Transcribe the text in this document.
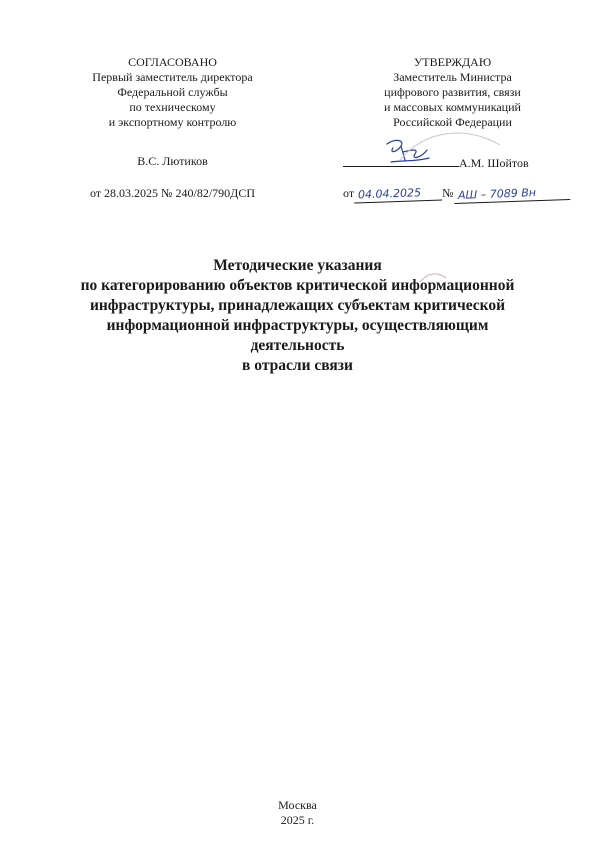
СОГЛАСОВАНО
Первый заместитель директора
Федеральной службы
по техническому
и экспортному контролю
В.С. Лютиков
от 28.03.2025 № 240/82/790ДСП
УТВЕРЖДАЮ
Заместитель Министра
цифрового развития, связи
и массовых коммуникаций
Российской Федерации
А.М. Шойтов
от 04.04.2025 № АШ – 7089 Вн
Методические указания
по категорированию объектов критической информационной
инфраструктуры, принадлежащих субъектам критической
информационной инфраструктуры, осуществляющим
деятельность
в отрасли связи
Москва
2025 г.
